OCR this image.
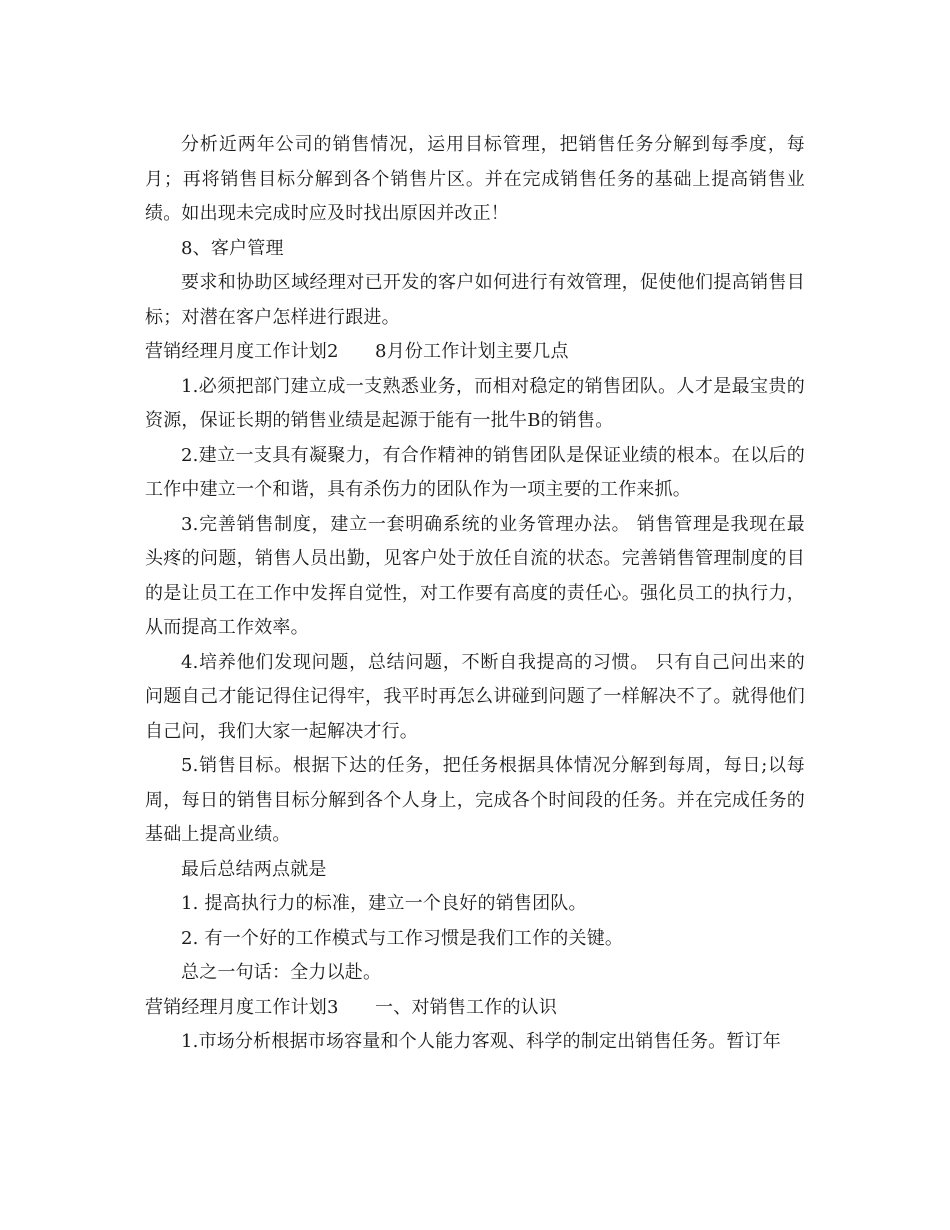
分析近两年公司的销售情况，运用目标管理，把销售任务分解到每季度，每月；再将销售目标分解到各个销售片区。并在完成销售任务的基础上提高销售业绩。如出现未完成时应及时找出原因并改正！

8、客户管理

要求和协助区域经理对已开发的客户如何进行有效管理，促使他们提高销售目标；对潜在客户怎样进行跟进。

营销经理月度工作计划2　　8月份工作计划主要几点

1.必须把部门建立成一支熟悉业务，而相对稳定的销售团队。人才是最宝贵的资源，保证长期的销售业绩是起源于能有一批牛B的销售。

2.建立一支具有凝聚力，有合作精神的销售团队是保证业绩的根本。在以后的工作中建立一个和谐，具有杀伤力的团队作为一项主要的工作来抓。

3.完善销售制度，建立一套明确系统的业务管理办法。 销售管理是我现在最头疼的问题，销售人员出勤，见客户处于放任自流的状态。完善销售管理制度的目的是让员工在工作中发挥自觉性，对工作要有高度的责任心。强化员工的执行力，从而提高工作效率。

4.培养他们发现问题，总结问题，不断自我提高的习惯。 只有自己问出来的问题自己才能记得住记得牢，我平时再怎么讲碰到问题了一样解决不了。就得他们自己问，我们大家一起解决才行。

5.销售目标。根据下达的任务，把任务根据具体情况分解到每周，每日;以每周，每日的销售目标分解到各个人身上，完成各个时间段的任务。并在完成任务的基础上提高业绩。

最后总结两点就是

1. 提高执行力的标准，建立一个良好的销售团队。

2. 有一个好的工作模式与工作习惯是我们工作的关键。

总之一句话：全力以赴。

营销经理月度工作计划3　　一、对销售工作的认识

1.市场分析根据市场容量和个人能力客观、科学的制定出销售任务。暂订年
